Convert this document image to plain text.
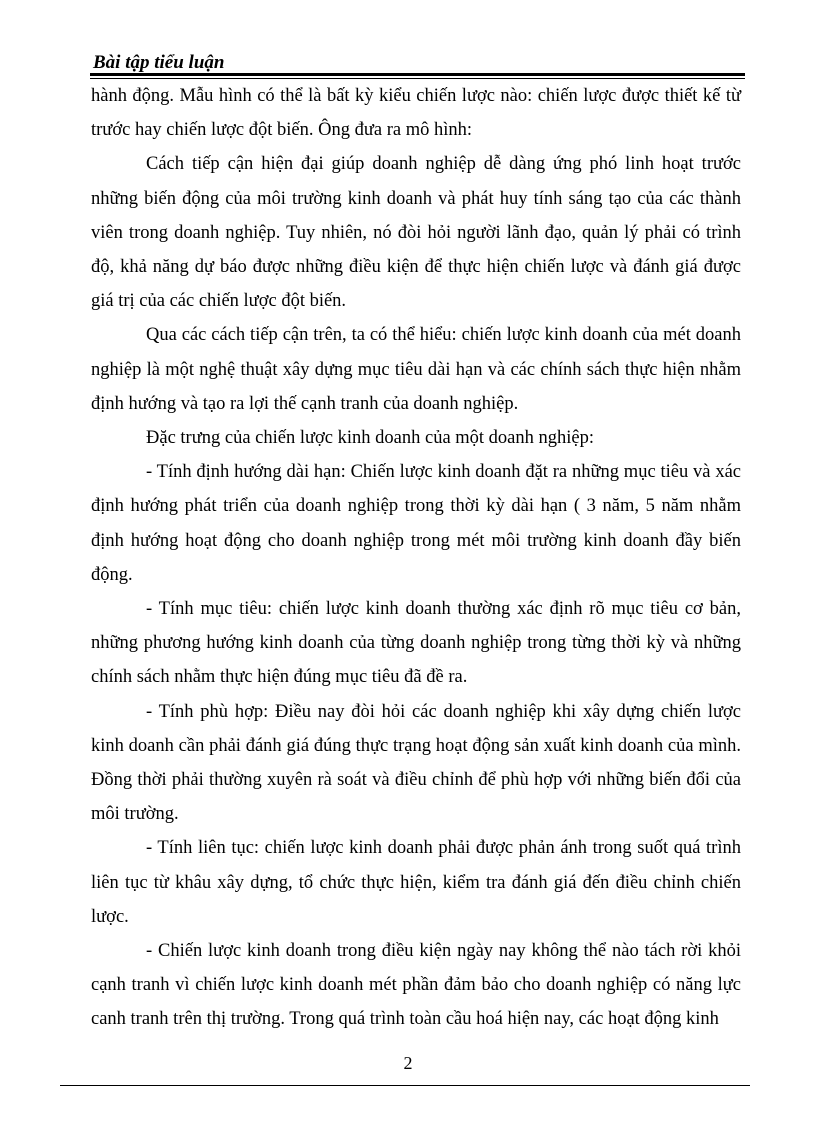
Bài tập tiểu luận

hành động. Mẫu hình có thể là bất kỳ kiểu chiến lược nào: chiến lược được thiết kế từ trước hay chiến lược đột biến. Ông đưa ra mô hình:

Cách tiếp cận hiện đại giúp doanh nghiệp dễ dàng ứng phó linh hoạt trước những biến động của môi trường kinh doanh và phát huy tính sáng tạo của các thành viên trong doanh nghiệp. Tuy nhiên, nó đòi hỏi người lãnh đạo, quản lý phải có trình độ, khả năng dự báo được những điều kiện để thực hiện chiến lược và đánh giá được giá trị của các chiến lược đột biến.

Qua các cách tiếp cận trên, ta có thể hiểu: chiến lược kinh doanh của mét doanh nghiệp là một nghệ thuật xây dựng mục tiêu dài hạn và các chính sách thực hiện nhằm định hướng và tạo ra lợi thế cạnh tranh của doanh nghiệp.

Đặc trưng của chiến lược kinh doanh của một doanh nghiệp:

- Tính định hướng dài hạn: Chiến lược kinh doanh đặt ra những mục tiêu và xác định hướng phát triển của doanh nghiệp trong thời kỳ dài hạn ( 3 năm, 5 năm nhằm định hướng hoạt động cho doanh nghiệp trong mét môi trường kinh doanh đầy biến động.

- Tính mục tiêu: chiến lược kinh doanh thường xác định rõ mục tiêu cơ bản, những phương hướng kinh doanh của từng doanh nghiệp trong từng thời kỳ và những chính sách nhằm thực hiện đúng mục tiêu đã đề ra.

- Tính phù hợp: Điều nay đòi hỏi các doanh nghiệp khi xây dựng chiến lược kinh doanh cần phải đánh giá đúng thực trạng hoạt động sản xuất kinh doanh của mình. Đồng thời phải thường xuyên rà soát và điều chỉnh để phù hợp với những biến đổi của môi trường.

- Tính liên tục: chiến lược kinh doanh phải được phản ánh trong suốt quá trình liên tục từ khâu xây dựng, tổ chức thực hiện, kiểm tra đánh giá đến điều chỉnh chiến lược.

- Chiến lược kinh doanh trong điều kiện ngày nay không thể nào tách rời khỏi cạnh tranh vì chiến lược kinh doanh mét phần đảm bảo cho doanh nghiệp có năng lực canh tranh trên thị trường. Trong quá trình toàn cầu hoá hiện nay, các hoạt động kinh

2
